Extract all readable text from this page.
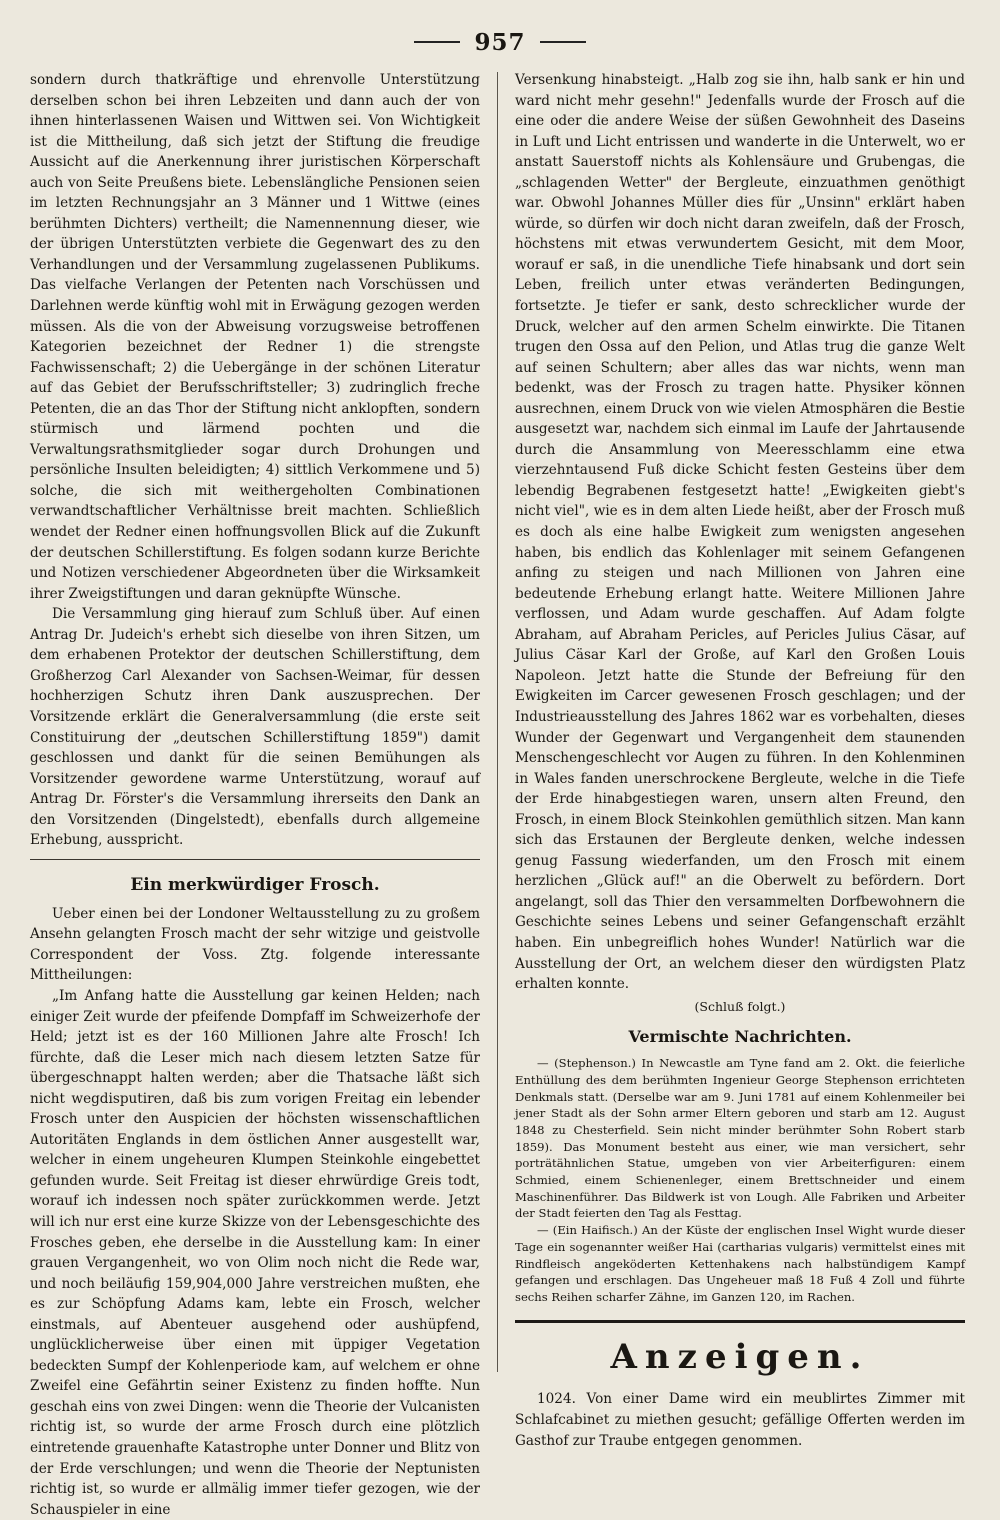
957

sondern durch thatkräftige und ehrenvolle Unterstützung derselben schon bei ihren Lebzeiten und dann auch der von ihnen hinterlassenen Waisen und Wittwen sei. Von Wichtigkeit ist die Mittheilung, daß sich jetzt der Stiftung die freudige Aussicht auf die Anerkennung ihrer juristischen Körperschaft auch von Seite Preußens biete. Lebenslängliche Pensionen seien im letzten Rechnungsjahr an 3 Männer und 1 Wittwe (eines berühmten Dichters) vertheilt; die Namennennung dieser, wie der übrigen Unterstützten verbiete die Gegenwart des zu den Verhandlungen und der Versammlung zugelassenen Publikums. Das vielfache Verlangen der Petenten nach Vorschüssen und Darlehnen werde künftig wohl mit in Erwägung gezogen werden müssen. Als die von der Abweisung vorzugsweise betroffenen Kategorien bezeichnet der Redner 1) die strengste Fachwissenschaft; 2) die Uebergänge in der schönen Literatur auf das Gebiet der Berufsschriftsteller; 3) zudringlich freche Petenten, die an das Thor der Stiftung nicht anklopften, sondern stürmisch und lärmend pochten und die Verwaltungsrathsmitglieder sogar durch Drohungen und persönliche Insulten beleidigten; 4) sittlich Verkommene und 5) solche, die sich mit weithergeholten Combinationen verwandtschaftlicher Verhältnisse breit machten. Schließlich wendet der Redner einen hoffnungsvollen Blick auf die Zukunft der deutschen Schillerstiftung. Es folgen sodann kurze Berichte und Notizen verschiedener Abgeordneten über die Wirksamkeit ihrer Zweigstiftungen und daran geknüpfte Wünsche.

Die Versammlung ging hierauf zum Schluß über. Auf einen Antrag Dr. Judeich's erhebt sich dieselbe von ihren Sitzen, um dem erhabenen Protektor der deutschen Schillerstiftung, dem Großherzog Carl Alexander von Sachsen-Weimar, für dessen hochherzigen Schutz ihren Dank auszusprechen. Der Vorsitzende erklärt die Generalversammlung (die erste seit Constituirung der „deutschen Schillerstiftung 1859") damit geschlossen und dankt für die seinen Bemühungen als Vorsitzender gewordene warme Unterstützung, worauf auf Antrag Dr. Förster's die Versammlung ihrerseits den Dank an den Vorsitzenden (Dingelstedt), ebenfalls durch allgemeine Erhebung, ausspricht.

Ein merkwürdiger Frosch.

Ueber einen bei der Londoner Weltausstellung zu zu großem Ansehn gelangten Frosch macht der sehr witzige und geistvolle Correspondent der Voss. Ztg. folgende interessante Mittheilungen:

„Im Anfang hatte die Ausstellung gar keinen Helden; nach einiger Zeit wurde der pfeifende Dompfaff im Schweizerhofe der Held; jetzt ist es der 160 Millionen Jahre alte Frosch! Ich fürchte, daß die Leser mich nach diesem letzten Satze für übergeschnappt halten werden; aber die Thatsache läßt sich nicht wegdisputiren, daß bis zum vorigen Freitag ein lebender Frosch unter den Auspicien der höchsten wissenschaftlichen Autoritäten Englands in dem östlichen Anner ausgestellt war, welcher in einem ungeheuren Klumpen Steinkohle eingebettet gefunden wurde. Seit Freitag ist dieser ehrwürdige Greis todt, worauf ich indessen noch später zurückkommen werde. Jetzt will ich nur erst eine kurze Skizze von der Lebensgeschichte des Frosches geben, ehe derselbe in die Ausstellung kam: In einer grauen Vergangenheit, wo von Olim noch nicht die Rede war, und noch beiläufig 159,904,000 Jahre verstreichen mußten, ehe es zur Schöpfung Adams kam, lebte ein Frosch, welcher einstmals, auf Abenteuer ausgehend oder aushüpfend, unglücklicherweise über einen mit üppiger Vegetation bedeckten Sumpf der Kohlenperiode kam, auf welchem er ohne Zweifel eine Gefährtin seiner Existenz zu finden hoffte. Nun geschah eins von zwei Dingen: wenn die Theorie der Vulcanisten richtig ist, so wurde der arme Frosch durch eine plötzlich eintretende grauenhafte Katastrophe unter Donner und Blitz von der Erde verschlungen; und wenn die Theorie der Neptunisten richtig ist, so wurde er allmälig immer tiefer gezogen, wie der Schauspieler in eine

Versenkung hinabsteigt. „Halb zog sie ihn, halb sank er hin und ward nicht mehr gesehn!" Jedenfalls wurde der Frosch auf die eine oder die andere Weise der süßen Gewohnheit des Daseins in Luft und Licht entrissen und wanderte in die Unterwelt, wo er anstatt Sauerstoff nichts als Kohlensäure und Grubengas, die „schlagenden Wetter" der Bergleute, einzuathmen genöthigt war. Obwohl Johannes Müller dies für „Unsinn" erklärt haben würde, so dürfen wir doch nicht daran zweifeln, daß der Frosch, höchstens mit etwas verwundertem Gesicht, mit dem Moor, worauf er saß, in die unendliche Tiefe hinabsank und dort sein Leben, freilich unter etwas veränderten Bedingungen, fortsetzte. Je tiefer er sank, desto schrecklicher wurde der Druck, welcher auf den armen Schelm einwirkte. Die Titanen trugen den Ossa auf den Pelion, und Atlas trug die ganze Welt auf seinen Schultern; aber alles das war nichts, wenn man bedenkt, was der Frosch zu tragen hatte. Physiker können ausrechnen, einem Druck von wie vielen Atmosphären die Bestie ausgesetzt war, nachdem sich einmal im Laufe der Jahrtausende durch die Ansammlung von Meeresschlamm eine etwa vierzehntausend Fuß dicke Schicht festen Gesteins über dem lebendig Begrabenen festgesetzt hatte! „Ewigkeiten giebt's nicht viel", wie es in dem alten Liede heißt, aber der Frosch muß es doch als eine halbe Ewigkeit zum wenigsten angesehen haben, bis endlich das Kohlenlager mit seinem Gefangenen anfing zu steigen und nach Millionen von Jahren eine bedeutende Erhebung erlangt hatte. Weitere Millionen Jahre verflossen, und Adam wurde geschaffen. Auf Adam folgte Abraham, auf Abraham Pericles, auf Pericles Julius Cäsar, auf Julius Cäsar Karl der Große, auf Karl den Großen Louis Napoleon. Jetzt hatte die Stunde der Befreiung für den Ewigkeiten im Carcer gewesenen Frosch geschlagen; und der Industrieausstellung des Jahres 1862 war es vorbehalten, dieses Wunder der Gegenwart und Vergangenheit dem staunenden Menschengeschlecht vor Augen zu führen. In den Kohlenminen in Wales fanden unerschrockene Bergleute, welche in die Tiefe der Erde hinabgestiegen waren, unsern alten Freund, den Frosch, in einem Block Steinkohlen gemüthlich sitzen. Man kann sich das Erstaunen der Bergleute denken, welche indessen genug Fassung wiederfanden, um den Frosch mit einem herzlichen „Glück auf!" an die Oberwelt zu befördern. Dort angelangt, soll das Thier den versammelten Dorfbewohnern die Geschichte seines Lebens und seiner Gefangenschaft erzählt haben. Ein unbegreiflich hohes Wunder! Natürlich war die Ausstellung der Ort, an welchem dieser den würdigsten Platz erhalten konnte.

(Schluß folgt.)
Vermischte Nachrichten.

— (Stephenson.) In Newcastle am Tyne fand am 2. Okt. die feierliche Enthüllung des dem berühmten Ingenieur George Stephenson errichteten Denkmals statt. (Derselbe war am 9. Juni 1781 auf einem Kohlenmeiler bei jener Stadt als der Sohn armer Eltern geboren und starb am 12. August 1848 zu Chesterfield. Sein nicht minder berühmter Sohn Robert starb 1859). Das Monument besteht aus einer, wie man versichert, sehr porträtähnlichen Statue, umgeben von vier Arbeiterfiguren: einem Schmied, einem Schienenleger, einem Brettschneider und einem Maschinenführer. Das Bildwerk ist von Lough. Alle Fabriken und Arbeiter der Stadt feierten den Tag als Festtag.

— (Ein Haifisch.) An der Küste der englischen Insel Wight wurde dieser Tage ein sogenannter weißer Hai (cartharias vulgaris) vermittelst eines mit Rindfleisch angeköderten Kettenhakens nach halbstündigem Kampf gefangen und erschlagen. Das Ungeheuer maß 18 Fuß 4 Zoll und führte sechs Reihen scharfer Zähne, im Ganzen 120, im Rachen.

Anzeigen.

1024. Von einer Dame wird ein meublirtes Zimmer mit Schlafcabinet zu miethen gesucht; gefällige Offerten werden im Gasthof zur Traube entgegen genommen.
